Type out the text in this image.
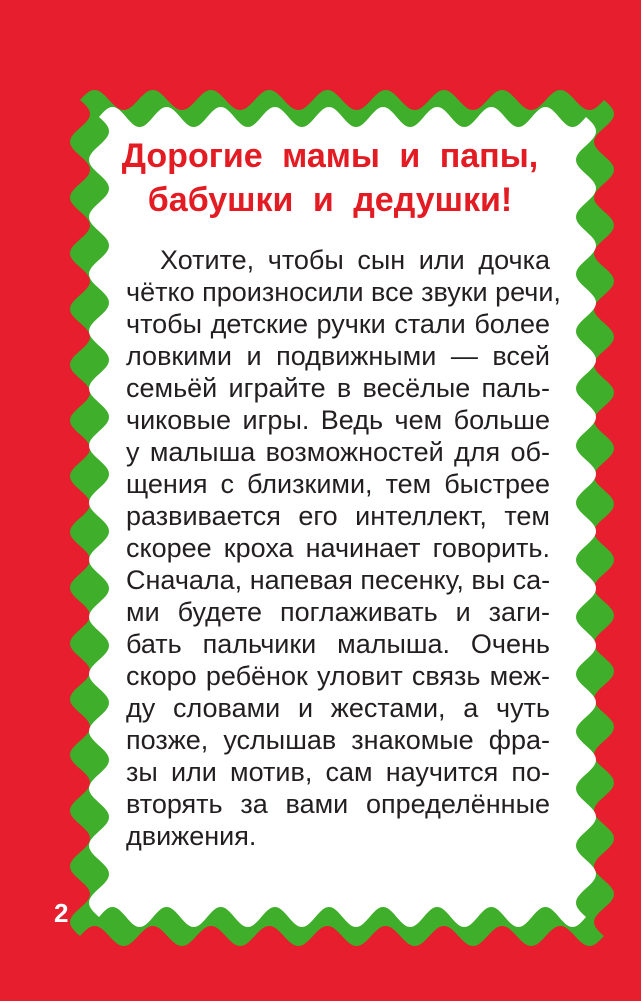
Дорогие мамы и папы,

бабушки и дедушки!

Хотите, чтобы сын или дочка

чётко произносили все звуки речи,

чтобы детские ручки стали более

ловкими и подвижными — всей

семьёй играйте в весёлые паль-

чиковые игры. Ведь чем больше

у малыша возможностей для об-

щения с близкими, тем быстрее

развивается его интеллект, тем

скорее кроха начинает говорить.

Сначала, напевая песенку, вы са-

ми будете поглаживать и заги-

бать пальчики малыша. Очень

скоро ребёнок уловит связь меж-

ду словами и жестами, а чуть

позже, услышав знакомые фра-

зы или мотив, сам научится по-

вторять за вами определённые

движения.

2
